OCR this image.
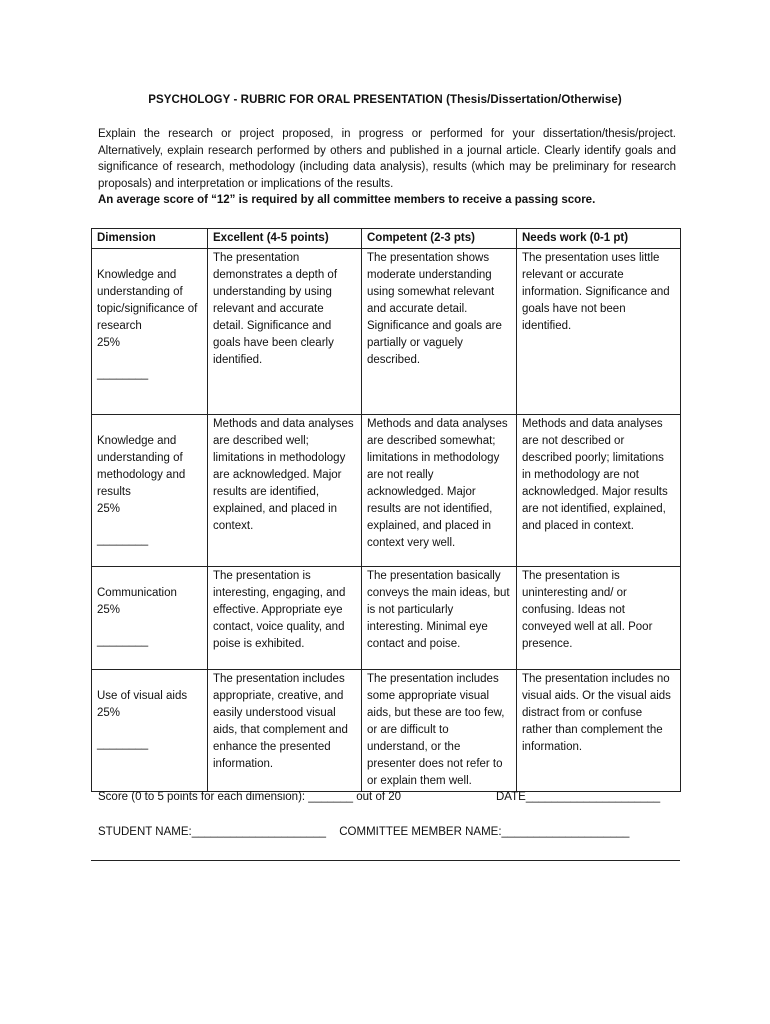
PSYCHOLOGY - RUBRIC FOR ORAL PRESENTATION (Thesis/Dissertation/Otherwise)

Explain the research or project proposed, in progress or performed for your dissertation/thesis/project. Alternatively, explain research performed by others and published in a journal article. Clearly identify goals and significance of research, methodology (including data analysis), results (which may be preliminary for research proposals) and interpretation or implications of the results.

An average score of “12” is required by all committee members to receive a passing score.

Dimension	Excellent (4-5 points)	Competent (2-3 pts)	Needs work (0-1 pt)

Knowledge and understanding of topic/significance of research
25%
________	The presentation demonstrates a depth of understanding by using relevant and accurate detail. Significance and goals have been clearly identified.	The presentation shows moderate understanding using somewhat relevant and accurate detail. Significance and goals are partially or vaguely described.	The presentation uses little relevant or accurate information. Significance and goals have not been identified.

Knowledge and understanding of methodology and results
25%
________	Methods and data analyses are described well; limitations in methodology are acknowledged. Major results are identified, explained, and placed in context.	Methods and data analyses are described somewhat; limitations in methodology are not really acknowledged. Major results are not identified, explained, and placed in context very well.	Methods and data analyses are not described or described poorly; limitations in methodology are not acknowledged. Major results are not identified, explained, and placed in context.

Communication
25%
________	The presentation is interesting, engaging, and effective. Appropriate eye contact, voice quality, and poise is exhibited.	The presentation basically conveys the main ideas, but is not particularly interesting. Minimal eye contact and poise.	The presentation is uninteresting and/ or confusing. Ideas not conveyed well at all. Poor presence.

Use of visual aids
25%
________	The presentation includes appropriate, creative, and easily understood visual aids, that complement and enhance the presented information.	The presentation includes some appropriate visual aids, but these are too few, or are difficult to understand, or the presenter does not refer to or explain them well.	The presentation includes no visual aids. Or the visual aids distract from or confuse rather than complement the information.
Score (0 to 5 points for each dimension): _______ out of 20	DATE_____________________
STUDENT NAME:_____________________ COMMITTEE MEMBER NAME:____________________
